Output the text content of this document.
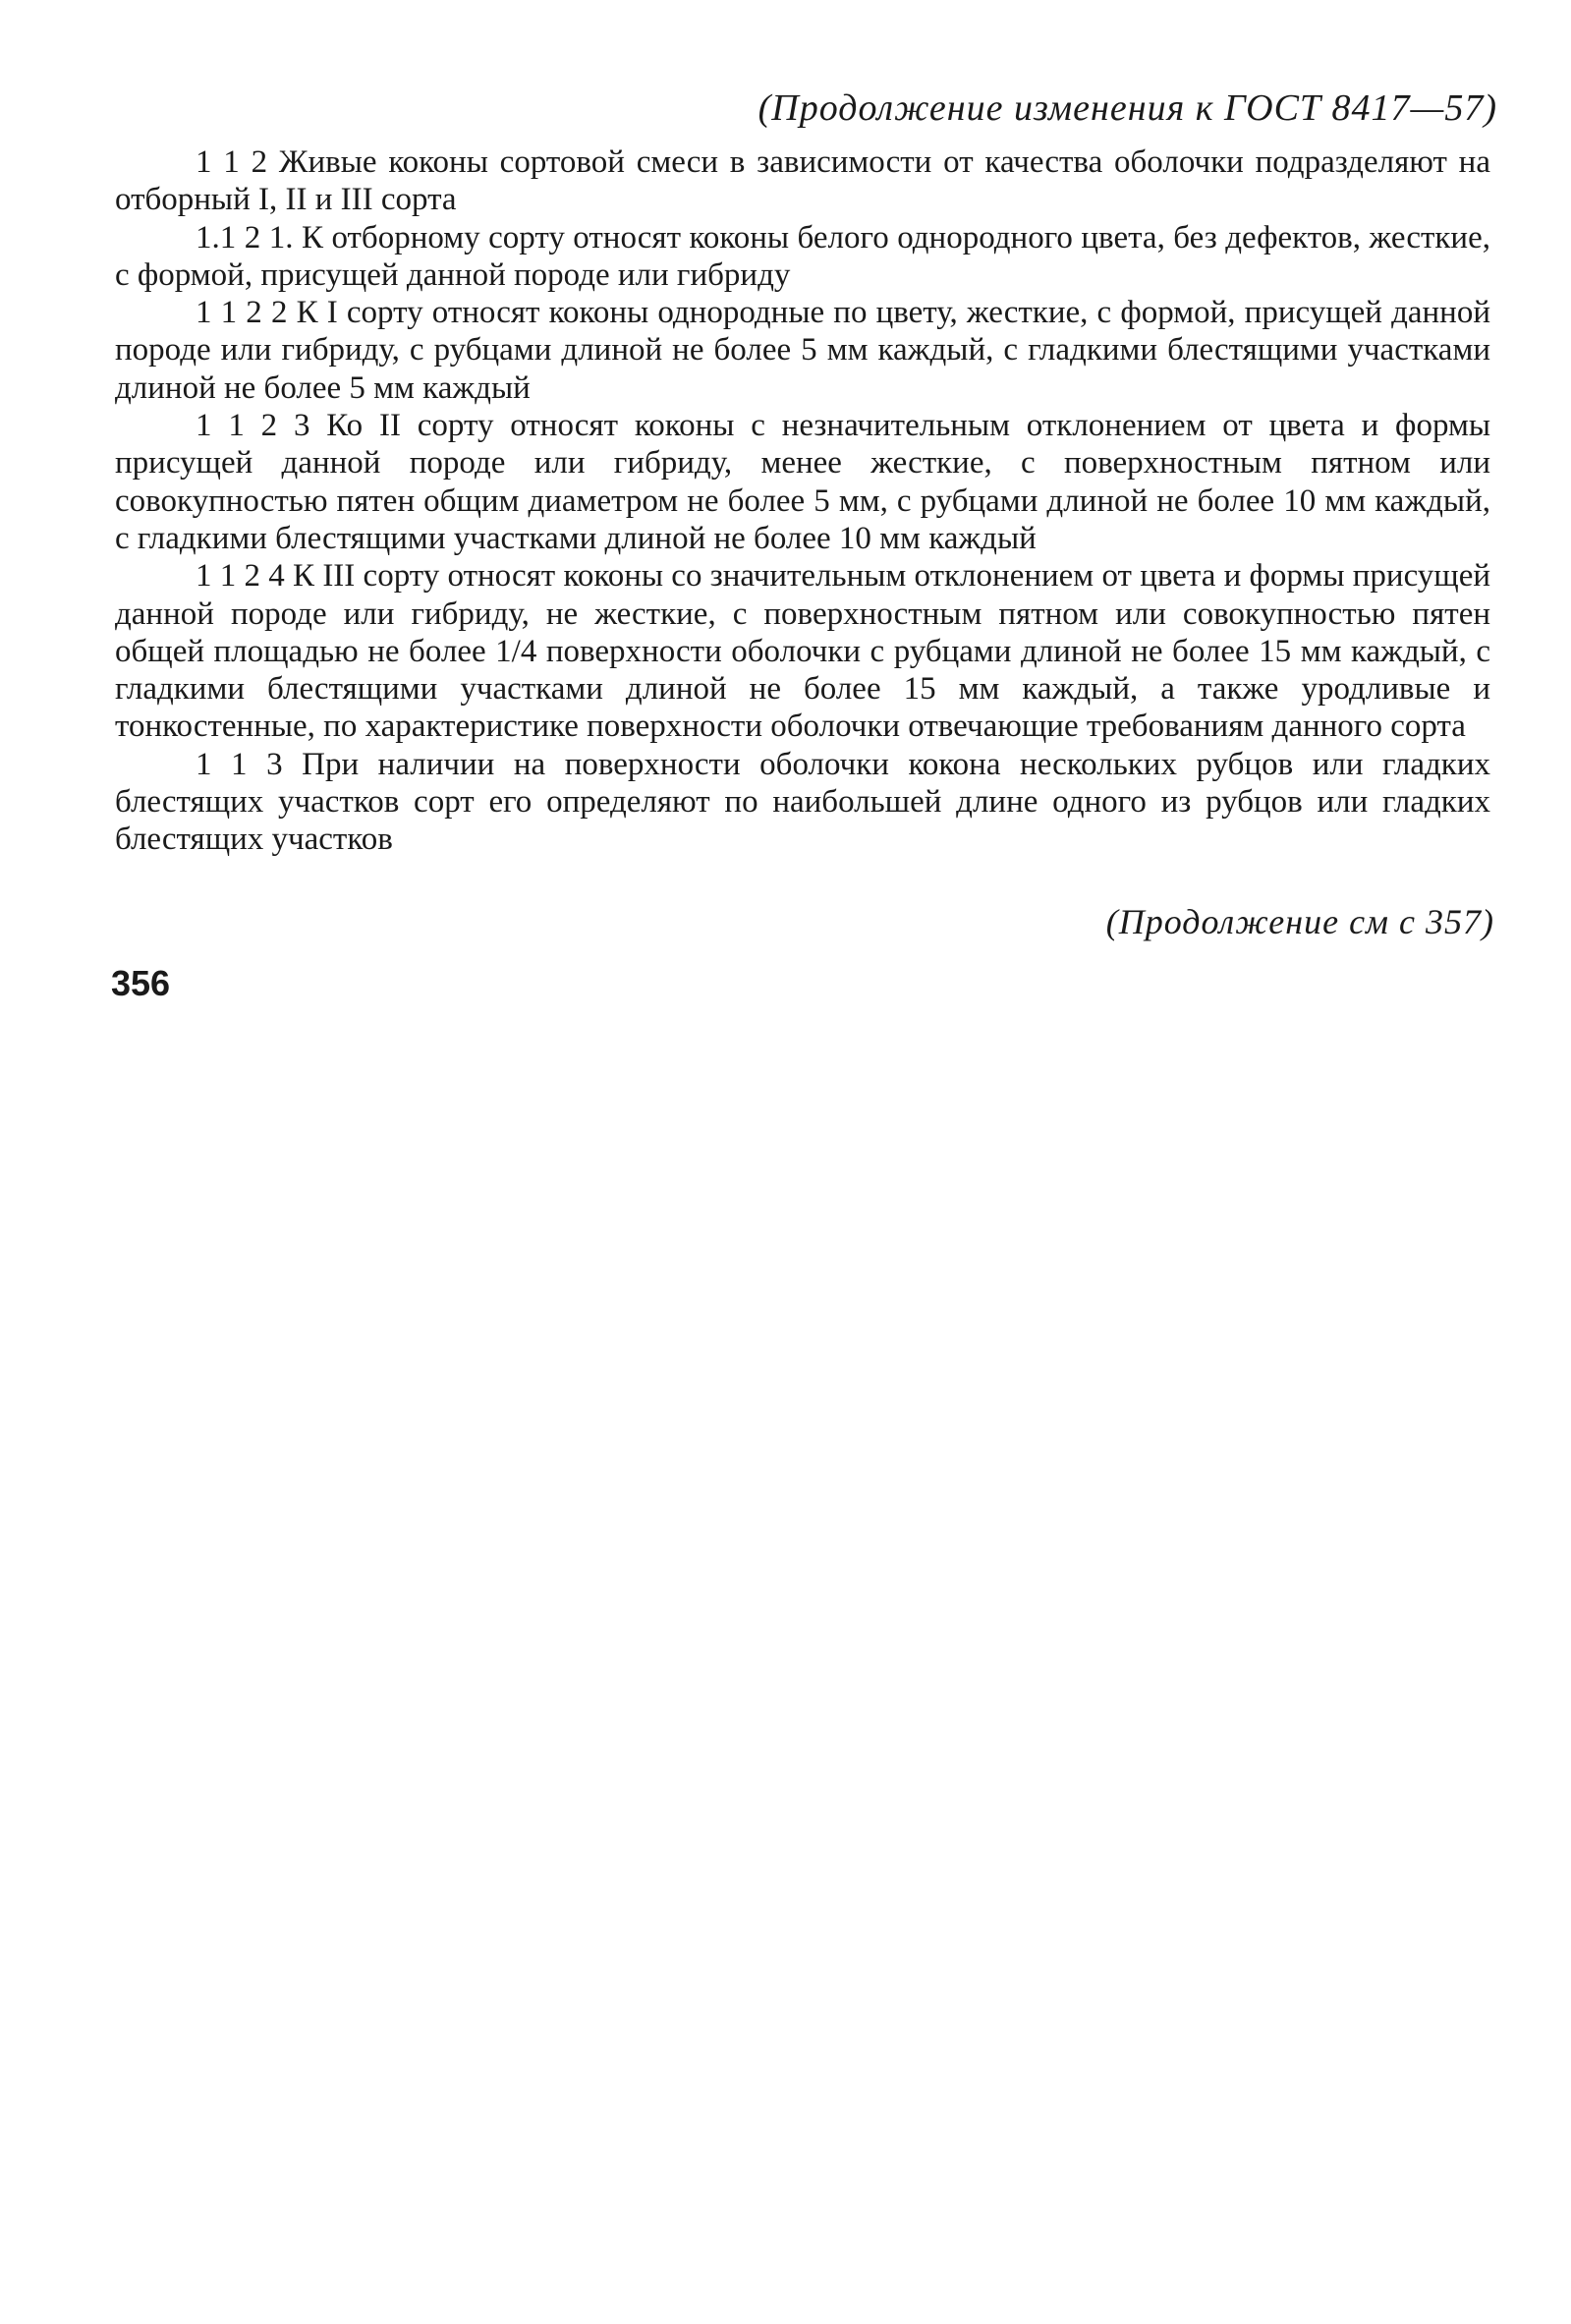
(Продолжение изменения к ГОСТ 8417—57)

1 1 2 Живые коконы сортовой смеси в зависимости от качества оболочки подразделяют на отборный I, II и III сорта

1.1 2 1. К отборному сорту относят коконы белого однородного цвета, без дефектов, жесткие, с формой, присущей данной породе или гибриду

1 1 2 2 К I сорту относят коконы однородные по цвету, жесткие, с формой, присущей данной породе или гибриду, с рубцами длиной не более 5 мм каждый, с гладкими блестящими участками длиной не более 5 мм каждый

1 1 2 3 Ко II сорту относят коконы с незначительным отклонением от цвета и формы присущей данной породе или гибриду, менее жесткие, с поверхностным пятном или совокупностью пятен общим диаметром не более 5 мм, с рубцами длиной не более 10 мм каждый, с гладкими блестящими участками длиной не более 10 мм каждый

1 1 2 4 К III сорту относят коконы со значительным отклонением от цвета и формы присущей данной породе или гибриду, не жесткие, с поверхностным пятном или совокупностью пятен общей площадью не более 1/4 поверхности оболочки с рубцами длиной не более 15 мм каждый, с гладкими блестящими участками длиной не более 15 мм каждый, а также уродливые и тонкостенные, по характеристике поверхности оболочки отвечающие требованиям данного сорта

1 1 3 При наличии на поверхности оболочки кокона нескольких рубцов или гладких блестящих участков сорт его определяют по наибольшей длине одного из рубцов или гладких блестящих участков

(Продолжение см с 357)
356
